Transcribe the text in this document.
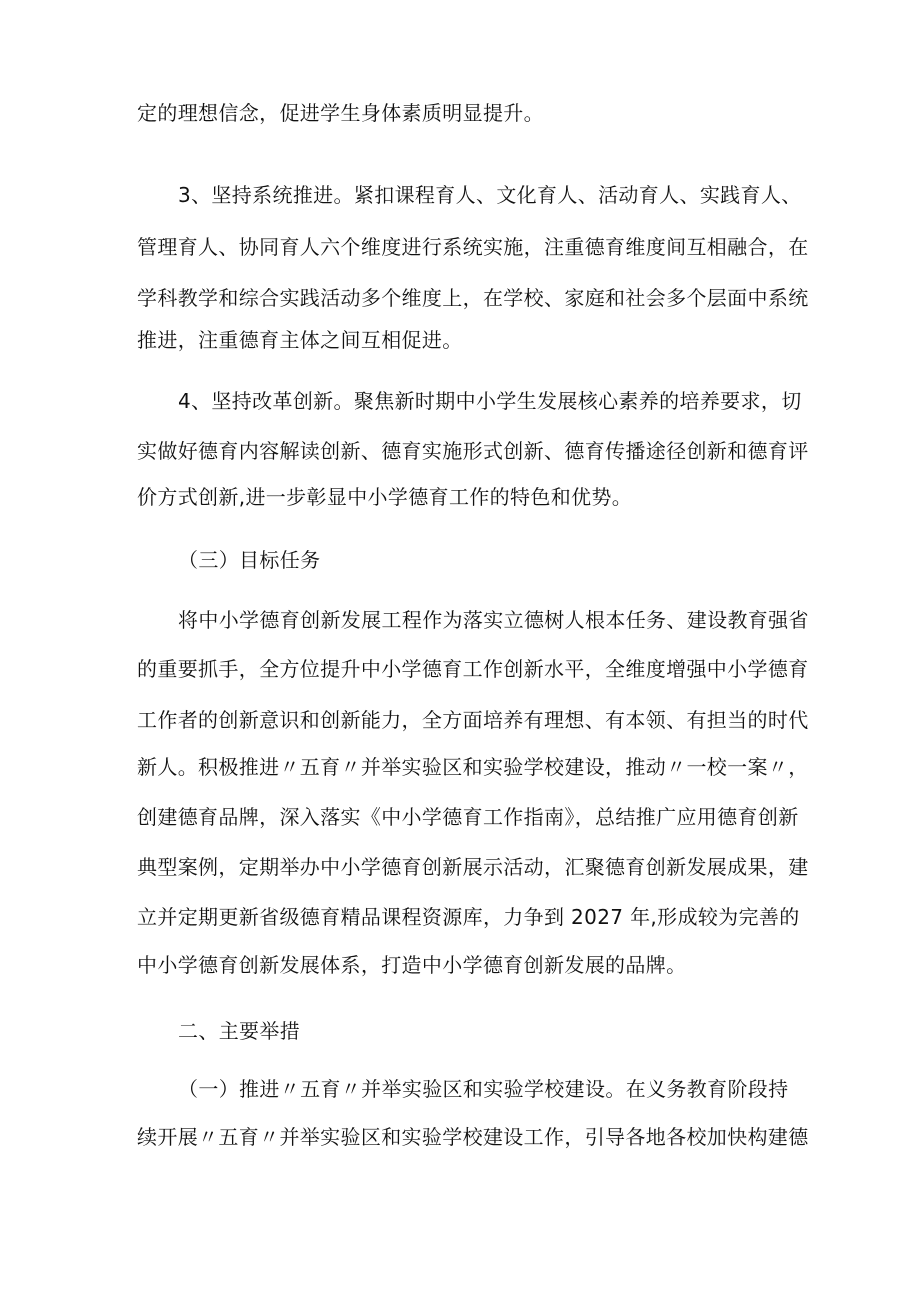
定的理想信念，促进学生身体素质明显提升。
3、坚持系统推进。紧扣课程育人、文化育人、活动育人、实践育人、
管理育人、协同育人六个维度进行系统实施，注重德育维度间互相融合，在
学科教学和综合实践活动多个维度上，在学校、家庭和社会多个层面中系统
推进，注重德育主体之间互相促进。
4、坚持改革创新。聚焦新时期中小学生发展核心素养的培养要求，切
实做好德育内容解读创新、德育实施形式创新、德育传播途径创新和德育评
价方式创新,进一步彰显中小学德育工作的特色和优势。
（三）目标任务
将中小学德育创新发展工程作为落实立德树人根本任务、建设教育强省
的重要抓手，全方位提升中小学德育工作创新水平，全维度增强中小学德育
工作者的创新意识和创新能力，全方面培养有理想、有本领、有担当的时代
新人。积极推进〃五育〃并举实验区和实验学校建设，推动〃一校一案〃，
创建德育品牌，深入落实《中小学德育工作指南》，总结推广应用德育创新
典型案例，定期举办中小学德育创新展示活动，汇聚德育创新发展成果，建
立并定期更新省级德育精品课程资源库，力争到 2027 年,形成较为完善的
中小学德育创新发展体系，打造中小学德育创新发展的品牌。
二、主要举措
（一）推进〃五育〃并举实验区和实验学校建设。在义务教育阶段持
续开展〃五育〃并举实验区和实验学校建设工作，引导各地各校加快构建德
